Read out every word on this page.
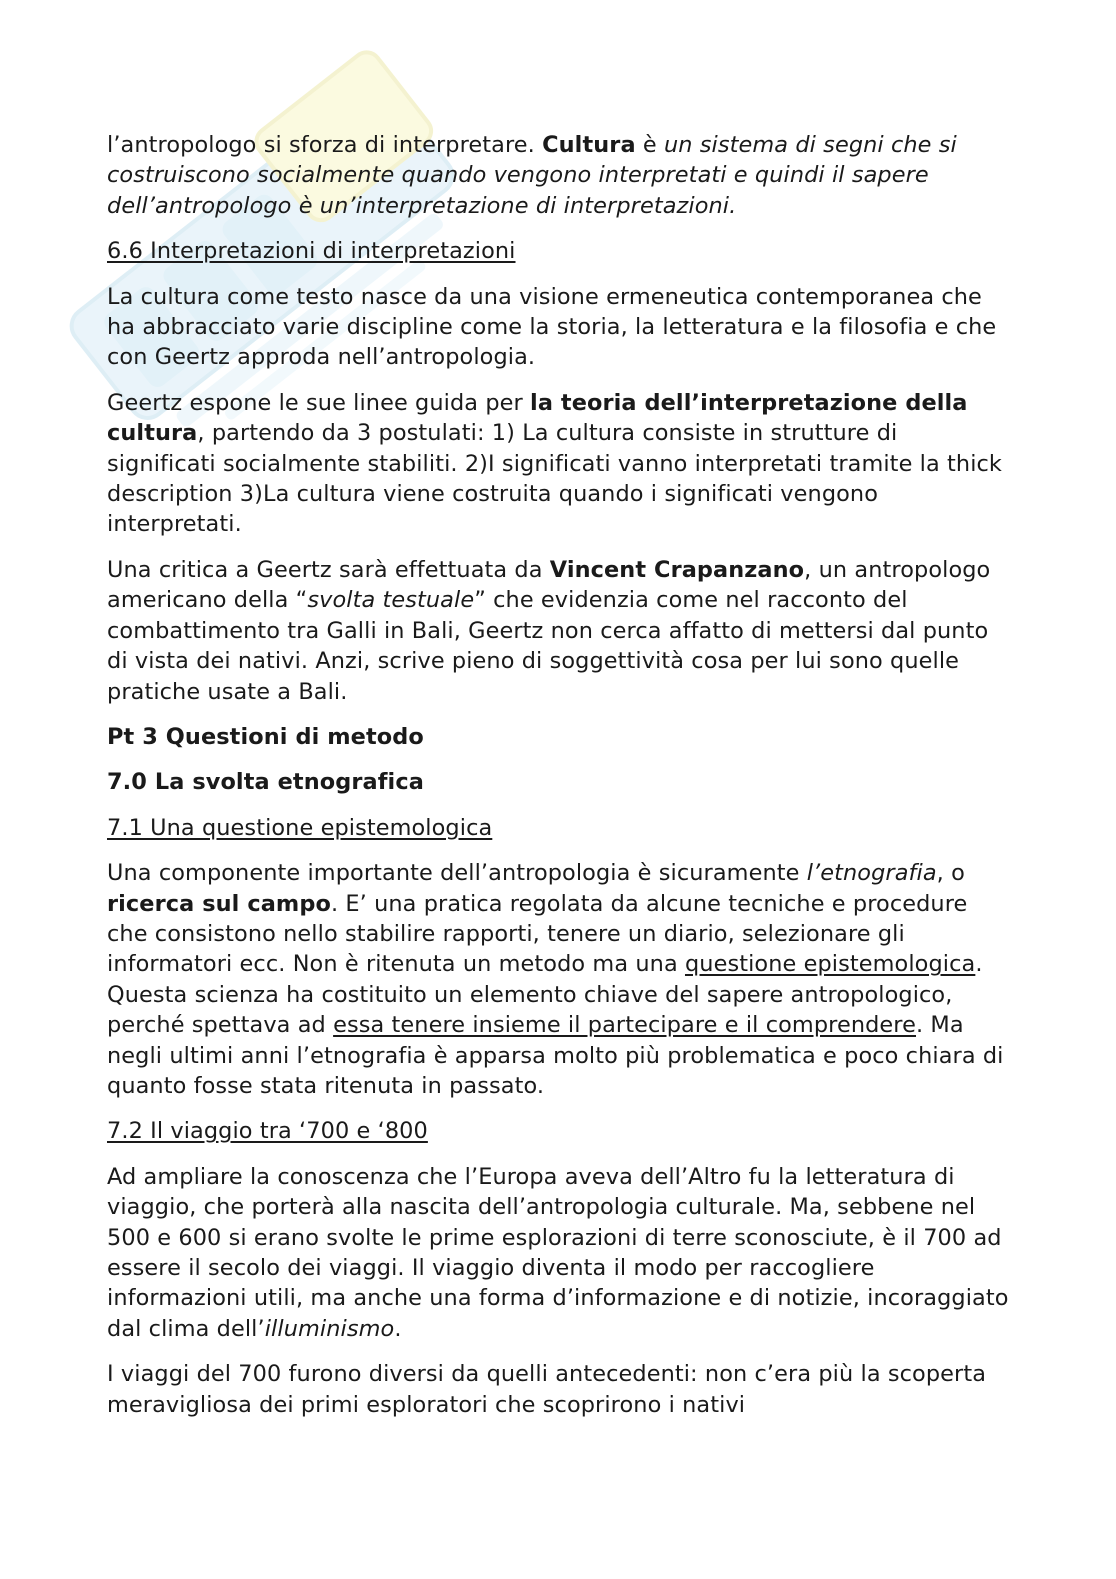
l’antropologo si sforza di interpretare. Cultura è un sistema di segni che si costruiscono socialmente quando vengono interpretati e quindi il sapere dell’antropologo è un’interpretazione di interpretazioni.

6.6 Interpretazioni di interpretazioni

La cultura come testo nasce da una visione ermeneutica contemporanea che ha abbracciato varie discipline come la storia, la letteratura e la filosofia e che con Geertz approda nell’antropologia.

Geertz espone le sue linee guida per la teoria dell’interpretazione della cultura, partendo da 3 postulati: 1) La cultura consiste in strutture di significati socialmente stabiliti. 2)I significati vanno interpretati tramite la thick description 3)La cultura viene costruita quando i significati vengono interpretati.

Una critica a Geertz sarà effettuata da Vincent Crapanzano, un antropologo americano della “svolta testuale” che evidenzia come nel racconto del combattimento tra Galli in Bali, Geertz non cerca affatto di mettersi dal punto di vista dei nativi. Anzi, scrive pieno di soggettività cosa per lui sono quelle pratiche usate a Bali.

Pt 3 Questioni di metodo

7.0 La svolta etnografica

7.1 Una questione epistemologica

Una componente importante dell’antropologia è sicuramente l’etnografia, o ricerca sul campo. E’ una pratica regolata da alcune tecniche e procedure che consistono nello stabilire rapporti, tenere un diario, selezionare gli informatori ecc. Non è ritenuta un metodo ma una questione epistemologica. Questa scienza ha costituito un elemento chiave del sapere antropologico, perché spettava ad essa tenere insieme il partecipare e il comprendere. Ma negli ultimi anni l’etnografia è apparsa molto più problematica e poco chiara di quanto fosse stata ritenuta in passato.

7.2 Il viaggio tra ‘700 e ‘800

Ad ampliare la conoscenza che l’Europa aveva dell’Altro fu la letteratura di viaggio, che porterà alla nascita dell’antropologia culturale. Ma, sebbene nel 500 e 600 si erano svolte le prime esplorazioni di terre sconosciute, è il 700 ad essere il secolo dei viaggi. Il viaggio diventa il modo per raccogliere informazioni utili, ma anche una forma d’informazione e di notizie, incoraggiato dal clima dell’illuminismo.

I viaggi del 700 furono diversi da quelli antecedenti: non c’era più la scoperta meravigliosa dei primi esploratori che scoprirono i nativi
